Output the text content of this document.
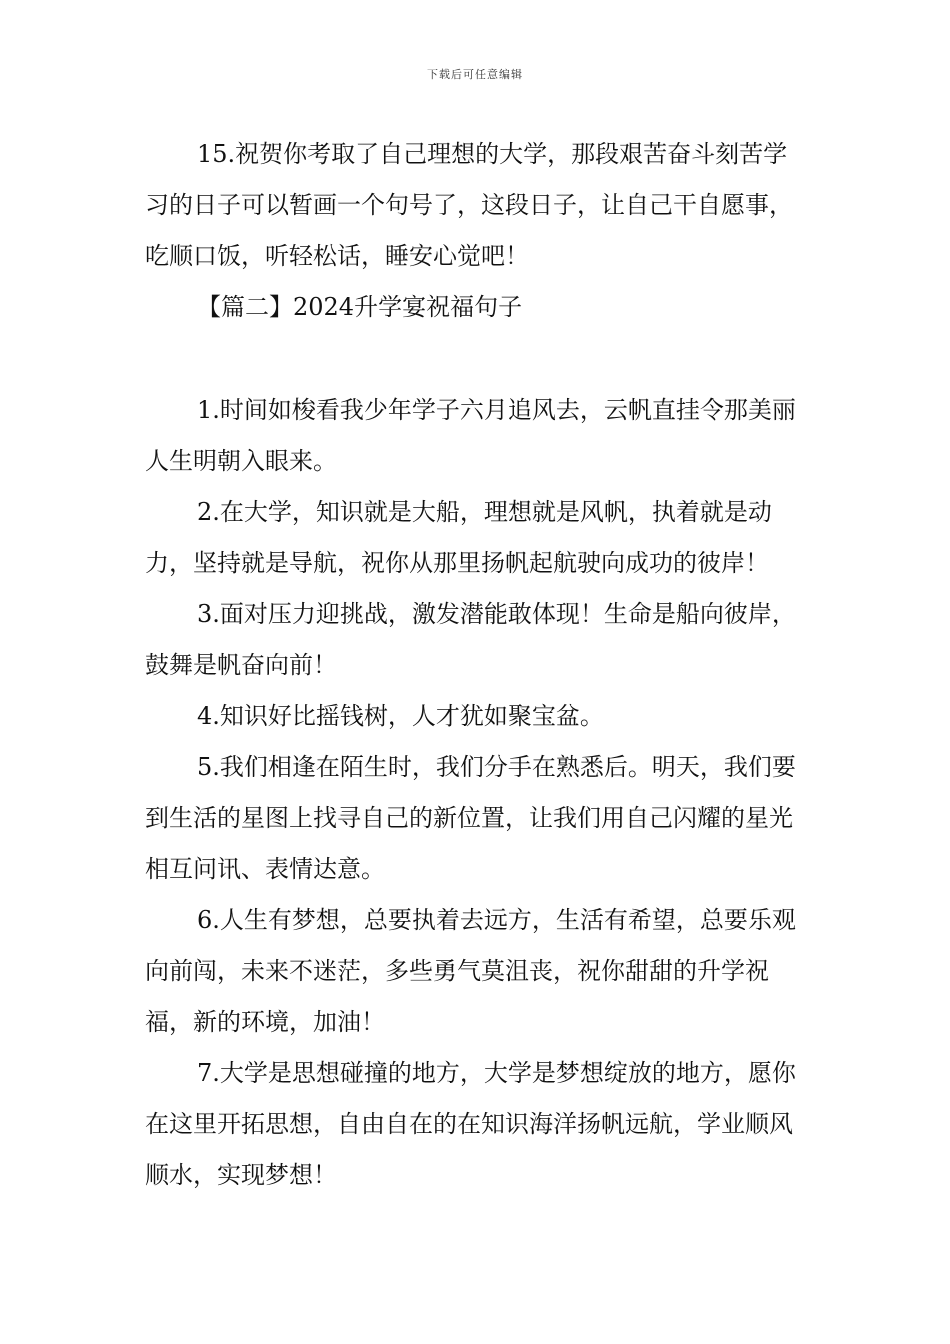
下载后可任意编辑

15.祝贺你考取了自己理想的大学，那段艰苦奋斗刻苦学习的日子可以暂画一个句号了，这段日子，让自己干自愿事，吃顺口饭，听轻松话，睡安心觉吧！

【篇二】2024升学宴祝福句子

1.时间如梭看我少年学子六月追风去，云帆直挂令那美丽人生明朝入眼来。

2.在大学，知识就是大船，理想就是风帆，执着就是动力，坚持就是导航，祝你从那里扬帆起航驶向成功的彼岸！

3.面对压力迎挑战，激发潜能敢体现！生命是船向彼岸，鼓舞是帆奋向前！

4.知识好比摇钱树，人才犹如聚宝盆。

5.我们相逢在陌生时，我们分手在熟悉后。明天，我们要到生活的星图上找寻自己的新位置，让我们用自己闪耀的星光相互问讯、表情达意。

6.人生有梦想，总要执着去远方，生活有希望，总要乐观向前闯，未来不迷茫，多些勇气莫沮丧，祝你甜甜的升学祝福，新的环境，加油！

7.大学是思想碰撞的地方，大学是梦想绽放的地方，愿你在这里开拓思想，自由自在的在知识海洋扬帆远航，学业顺风顺水，实现梦想！
